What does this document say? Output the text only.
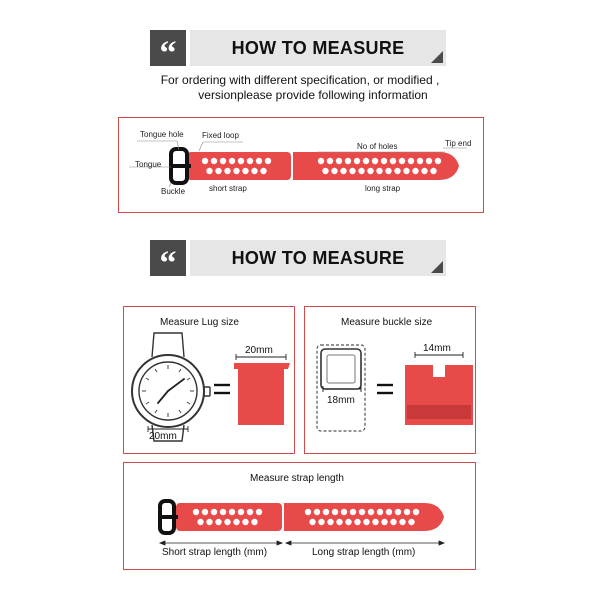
“	HOW TO MEASURE
For ordering with different specification, or modified ,
versionplease provide following information
Tongue hole Fixed loop
Tongue
Buckle	short strap
No of holes	Tip end
long strap
“	HOW TO MEASURE
Measure Lug size
20mm
20mm
Measure buckle size
18mm
14mm
Measure strap length
Short strap length (mm)	Long strap length (mm)
